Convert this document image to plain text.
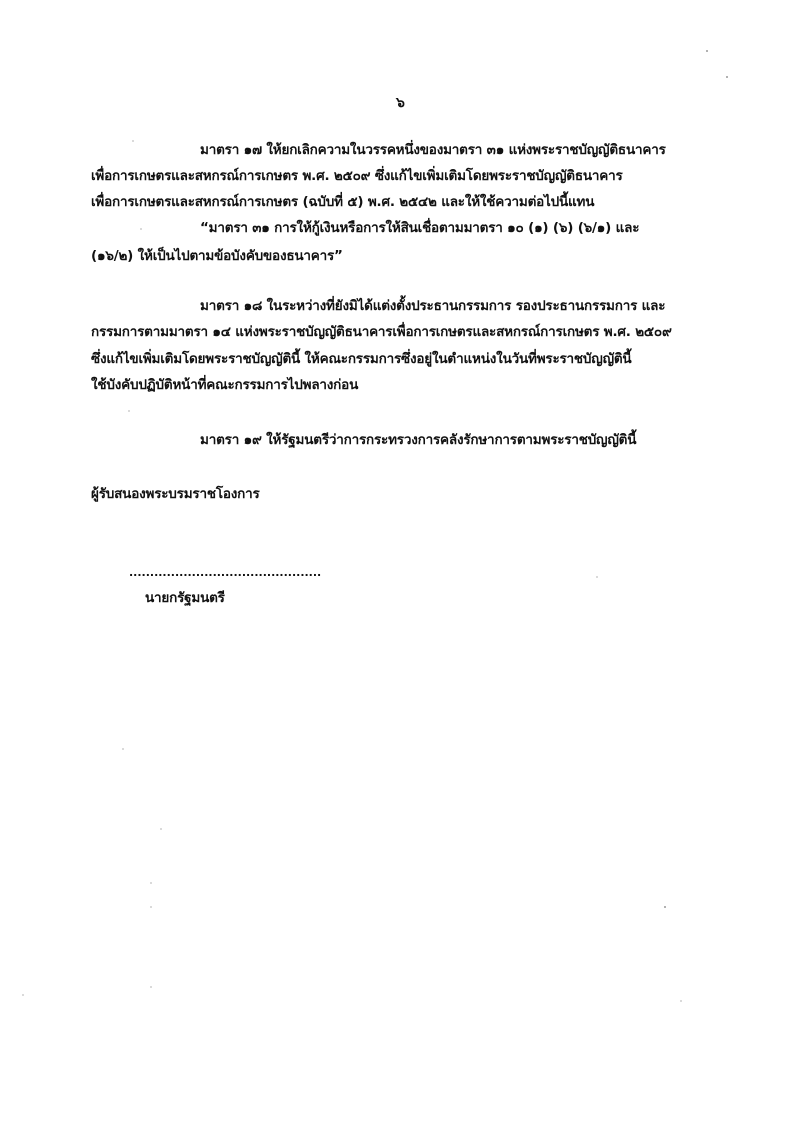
๖
มาตรา ๑๗ ให้ยกเลิกความในวรรคหนึ่งของมาตรา ๓๑ แห่งพระราชบัญญัติธนาคาร
เพื่อการเกษตรและสหกรณ์การเกษตร พ.ศ. ๒๕๐๙ ซึ่งแก้ไขเพิ่มเติมโดยพระราชบัญญัติธนาคาร
เพื่อการเกษตรและสหกรณ์การเกษตร (ฉบับที่ ๕) พ.ศ. ๒๕๔๒ และให้ใช้ความต่อไปนี้แทน
“มาตรา ๓๑ การให้กู้เงินหรือการให้สินเชื่อตามมาตรา ๑๐ (๑) (๖) (๖/๑) และ
(๑๖/๒) ให้เป็นไปตามข้อบังคับของธนาคาร”
มาตรา ๑๘ ในระหว่างที่ยังมิได้แต่งตั้งประธานกรรมการ รองประธานกรรมการ และ
กรรมการตามมาตรา ๑๔ แห่งพระราชบัญญัติธนาคารเพื่อการเกษตรและสหกรณ์การเกษตร พ.ศ. ๒๕๐๙
ซึ่งแก้ไขเพิ่มเติมโดยพระราชบัญญัตินี้ ให้คณะกรรมการซึ่งอยู่ในตำแหน่งในวันที่พระราชบัญญัตินี้
ใช้บังคับปฏิบัติหน้าที่คณะกรรมการไปพลางก่อน
มาตรา ๑๙ ให้รัฐมนตรีว่าการกระทรวงการคลังรักษาการตามพระราชบัญญัตินี้
ผู้รับสนองพระบรมราชโองการ
..............................................
นายกรัฐมนตรี
